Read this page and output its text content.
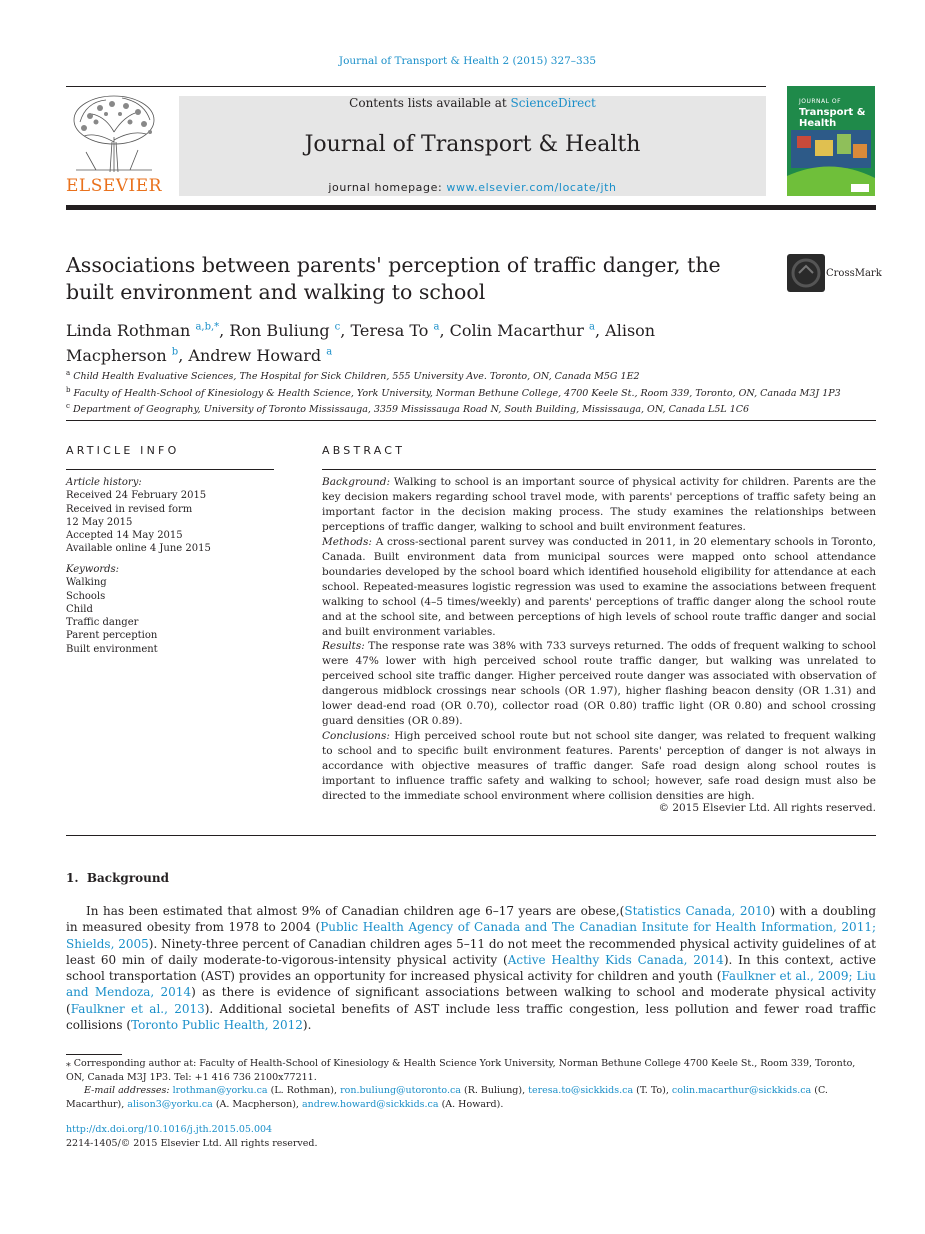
Journal of Transport & Health 2 (2015) 327–335
ELSEVIER
Contents lists available at ScienceDirect
Journal of Transport & Health
journal homepage: www.elsevier.com/locate/jth
JOURNAL OF
Transport & Health
Associations between parents' perception of traffic danger, the built environment and walking to school
CrossMark
Linda Rothman $^{a,b,*}$, Ron Buliung $^c$, Teresa To $^a$, Colin Macarthur $^a$, Alison Macpherson $^b$, Andrew Howard $^a$
$^a$ Child Health Evaluative Sciences, The Hospital for Sick Children, 555 University Ave. Toronto, ON, Canada M5G 1E2
$^b$ Faculty of Health-School of Kinesiology & Health Science, York University, Norman Bethune College, 4700 Keele St., Room 339, Toronto, ON, Canada M3J 1P3
$^c$ Department of Geography, University of Toronto Mississauga, 3359 Mississauga Road N, South Building, Mississauga, ON, Canada L5L 1C6
ARTICLE INFO
Article history:
Received 24 February 2015
Received in revised form
12 May 2015
Accepted 14 May 2015
Available online 4 June 2015
Keywords:
Walking
Schools
Child
Traffic danger
Parent perception
Built environment
ABSTRACT

Background: Walking to school is an important source of physical activity for children. Parents are the key decision makers regarding school travel mode, with parents' perceptions of traffic safety being an important factor in the decision making process. The study examines the relationships between perceptions of traffic danger, walking to school and built environment features.

Methods: A cross-sectional parent survey was conducted in 2011, in 20 elementary schools in Toronto, Canada. Built environment data from municipal sources were mapped onto school attendance boundaries developed by the school board which identified household eligibility for attendance at each school. Repeated-measures logistic regression was used to examine the associations between frequent walking to school (4–5 times/weekly) and parents' perceptions of traffic danger along the school route and at the school site, and between perceptions of high levels of school route traffic danger and social and built environment variables.

Results: The response rate was 38% with 733 surveys returned. The odds of frequent walking to school were 47% lower with high perceived school route traffic danger, but walking was unrelated to perceived school site traffic danger. Higher perceived route danger was associated with observation of dangerous midblock crossings near schools (OR 1.97), higher flashing beacon density (OR 1.31) and lower dead-end road (OR 0.70), collector road (OR 0.80) traffic light (OR 0.80) and school crossing guard densities (OR 0.89).

Conclusions: High perceived school route but not school site danger, was related to frequent walking to school and to specific built environment features. Parents' perception of danger is not always in accordance with objective measures of traffic danger. Safe road design along school routes is important to influence traffic safety and walking to school; however, safe road design must also be directed to the immediate school environment where collision densities are high.

© 2015 Elsevier Ltd. All rights reserved.
1. Background

In has been estimated that almost 9% of Canadian children age 6–17 years are obese,(Statistics Canada, 2010) with a doubling in measured obesity from 1978 to 2004 (Public Health Agency of Canada and The Canadian Insitute for Health Information, 2011; Shields, 2005). Ninety-three percent of Canadian children ages 5–11 do not meet the recommended physical activity guidelines of at least 60 min of daily moderate-to-vigorous-intensity physical activity (Active Healthy Kids Canada, 2014). In this context, active school transportation (AST) provides an opportunity for increased physical activity for children and youth (Faulkner et al., 2009; Liu and Mendoza, 2014) as there is evidence of significant associations between walking to school and moderate physical activity (Faulkner et al., 2013). Additional societal benefits of AST include less traffic congestion, less pollution and fewer road traffic collisions (Toronto Public Health, 2012).

⁎ Corresponding author at: Faculty of Health-School of Kinesiology & Health Science York University, Norman Bethune College 4700 Keele St., Room 339, Toronto, ON, Canada M3J 1P3. Tel: +1 416 736 2100x77211.
E-mail addresses: lrothman@yorku.ca (L. Rothman), ron.buliung@utoronto.ca (R. Buliung), teresa.to@sickkids.ca (T. To), colin.macarthur@sickkids.ca (C. Macarthur), alison3@yorku.ca (A. Macpherson), andrew.howard@sickkids.ca (A. Howard).
http://dx.doi.org/10.1016/j.jth.2015.05.004
2214-1405/© 2015 Elsevier Ltd. All rights reserved.
